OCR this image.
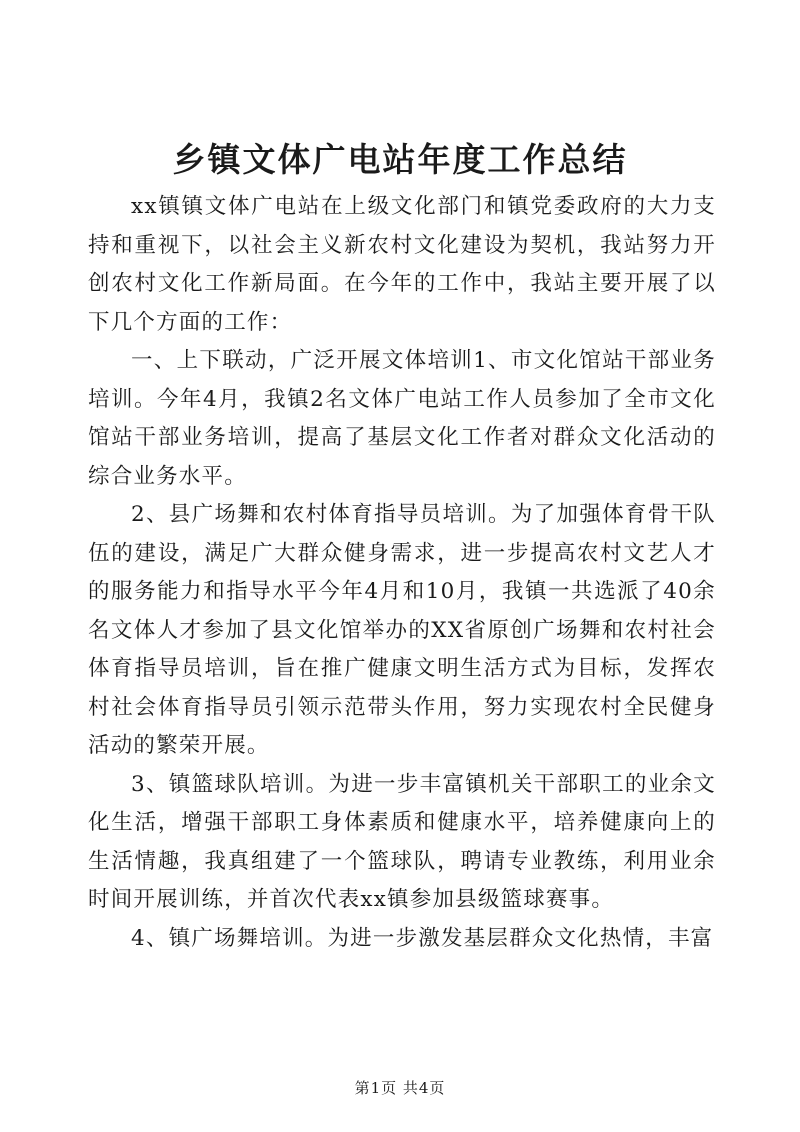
乡镇文体广电站年度工作总结

xx镇镇文体广电站在上级文化部门和镇党委政府的大力支持和重视下，以社会主义新农村文化建设为契机，我站努力开创农村文化工作新局面。在今年的工作中，我站主要开展了以下几个方面的工作：

一、上下联动，广泛开展文体培训1、市文化馆站干部业务培训。今年4月，我镇2名文体广电站工作人员参加了全市文化馆站干部业务培训，提高了基层文化工作者对群众文化活动的综合业务水平。

2、县广场舞和农村体育指导员培训。为了加强体育骨干队伍的建设，满足广大群众健身需求，进一步提高农村文艺人才的服务能力和指导水平今年4月和10月，我镇一共选派了40余名文体人才参加了县文化馆举办的XX省原创广场舞和农村社会体育指导员培训，旨在推广健康文明生活方式为目标，发挥农村社会体育指导员引领示范带头作用，努力实现农村全民健身活动的繁荣开展。

3、镇篮球队培训。为进一步丰富镇机关干部职工的业余文化生活，增强干部职工身体素质和健康水平，培养健康向上的生活情趣，我真组建了一个篮球队，聘请专业教练，利用业余时间开展训练，并首次代表xx镇参加县级篮球赛事。

4、镇广场舞培训。为进一步激发基层群众文化热情，丰富

第1页 共4页
